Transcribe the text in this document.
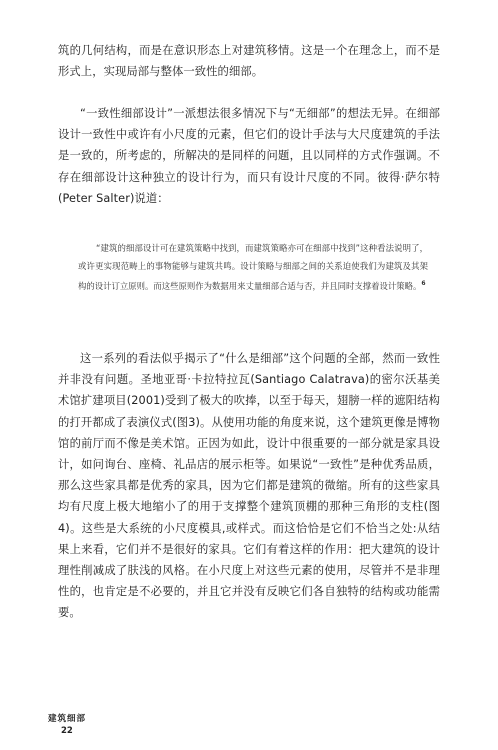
筑的几何结构，而是在意识形态上对建筑移情。这是一个在理念上，而不是形式上，实现局部与整体一致性的细部。

“一致性细部设计”一派想法很多情况下与“无细部”的想法无异。在细部设计一致性中或许有小尺度的元素，但它们的设计手法与大尺度建筑的手法是一致的，所考虑的，所解决的是同样的问题，且以同样的方式作强调。不存在细部设计这种独立的设计行为，而只有设计尺度的不同。彼得·萨尔特(Peter Salter)说道：

“建筑的细部设计可在建筑策略中找到，而建筑策略亦可在细部中找到”这种看法说明了，或许更实现范畴上的事物能够与建筑共鸣。设计策略与细部之间的关系迫使我们为建筑及其架构的设计订立原则。而这些原则作为数据用来丈量细部合适与否，并且同时支撑着设计策略。$^6$

这一系列的看法似乎揭示了“什么是细部”这个问题的全部，然而一致性并非没有问题。圣地亚哥·卡拉特拉瓦(Santiago Calatrava)的密尔沃基美术馆扩建项目(2001)受到了极大的吹捧，以至于每天，翅膀一样的遮阳结构的打开都成了表演仪式(图3)。从使用功能的角度来说，这个建筑更像是博物馆的前厅而不像是美术馆。正因为如此，设计中很重要的一部分就是家具设计，如问询台、座椅、礼品店的展示柜等。如果说“一致性”是种优秀品质，那么这些家具都是优秀的家具，因为它们都是建筑的微缩。所有的这些家具均有尺度上极大地缩小了的用于支撑整个建筑顶棚的那种三角形的支柱(图4)。这些是大系统的小尺度模具,或样式。而这恰恰是它们不恰当之处:从结果上来看，它们并不是很好的家具。它们有着这样的作用：把大建筑的设计理性削减成了肤浅的风格。在小尺度上对这些元素的使用，尽管并不是非理性的，也肯定是不必要的，并且它并没有反映它们各自独特的结构或功能需要。

建筑细部
22
